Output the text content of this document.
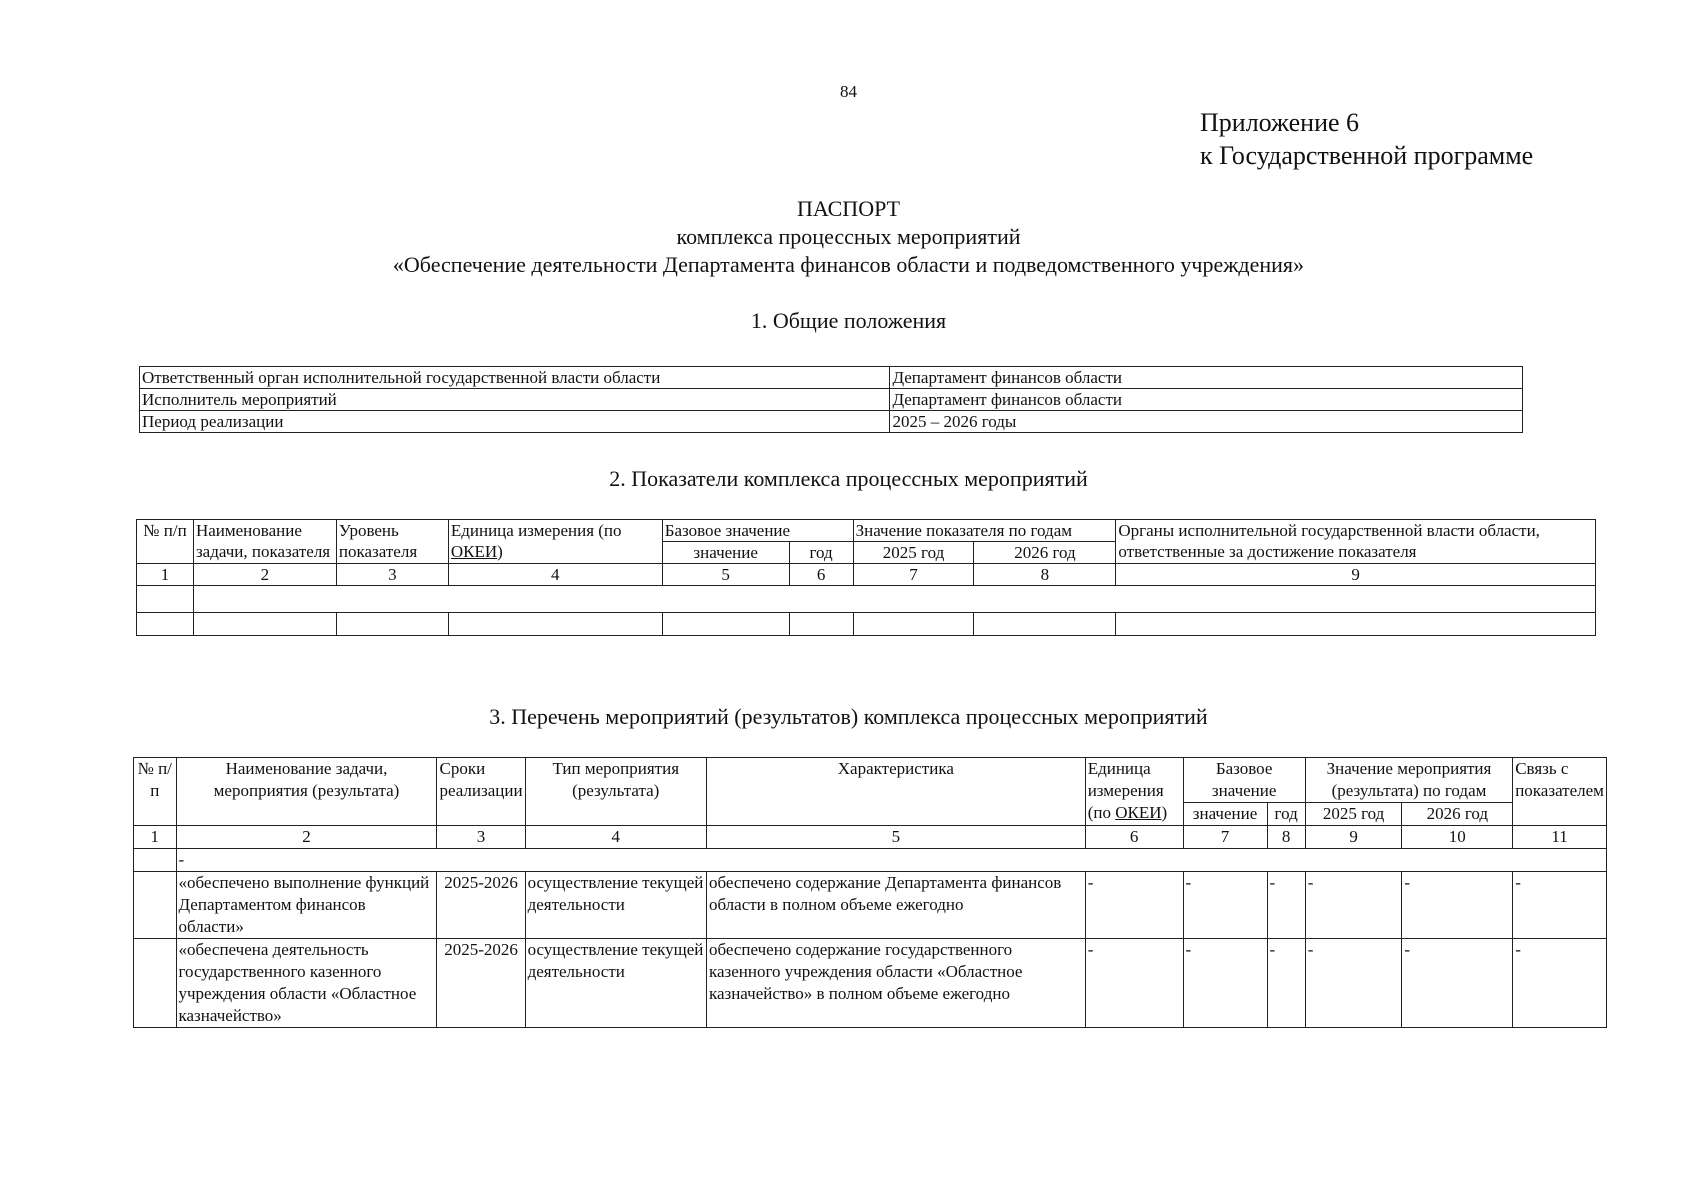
84
Приложение 6
к Государственной программе
ПАСПОРТ
комплекса процессных мероприятий
«Обеспечение деятельности Департамента финансов области и подведомственного учреждения»
1. Общие положения
Ответственный орган исполнительной государственной власти области	Департамент финансов области
Исполнитель мероприятий	Департамент финансов области
Период реализации	2025 – 2026 годы
2. Показатели комплекса процессных мероприятий
№ п/п	Наименование задачи, показателя	Уровень показателя	Единица измерения (по ОКЕИ)	Базовое значение		Значение показателя по годам		Органы исполнительной государственной власти области, ответственные за достижение показателя
				значение	год	2025 год	2026 год	
1	2	3	4	5	6	7	8	9

3. Перечень мероприятий (результатов) комплекса процессных мероприятий
№ п/п	Наименование задачи, мероприятия (результата)	Сроки реализации	Тип мероприятия (результата)	Характеристика	Единица измерения (по ОКЕИ)	Базовое значение		Значение мероприятия (результата) по годам		Связь с показателем
						значение	год	2025 год	2026 год	
1	2	3	4	5	6	7	8	9	10	11
	-									
	«обеспечено выполнение функций Департаментом финансов области»	2025-2026	осуществление текущей деятельности	обеспечено содержание Департамента финансов области в полном объеме ежегодно	-	-	-	-	-	-
	«обеспечена деятельность государственного казенного учреждения области «Областное казначейство»	2025-2026	осуществление текущей деятельности	обеспечено содержание государственного казенного учреждения области «Областное казначейство» в полном объеме ежегодно	-	-	-	-	-	-
